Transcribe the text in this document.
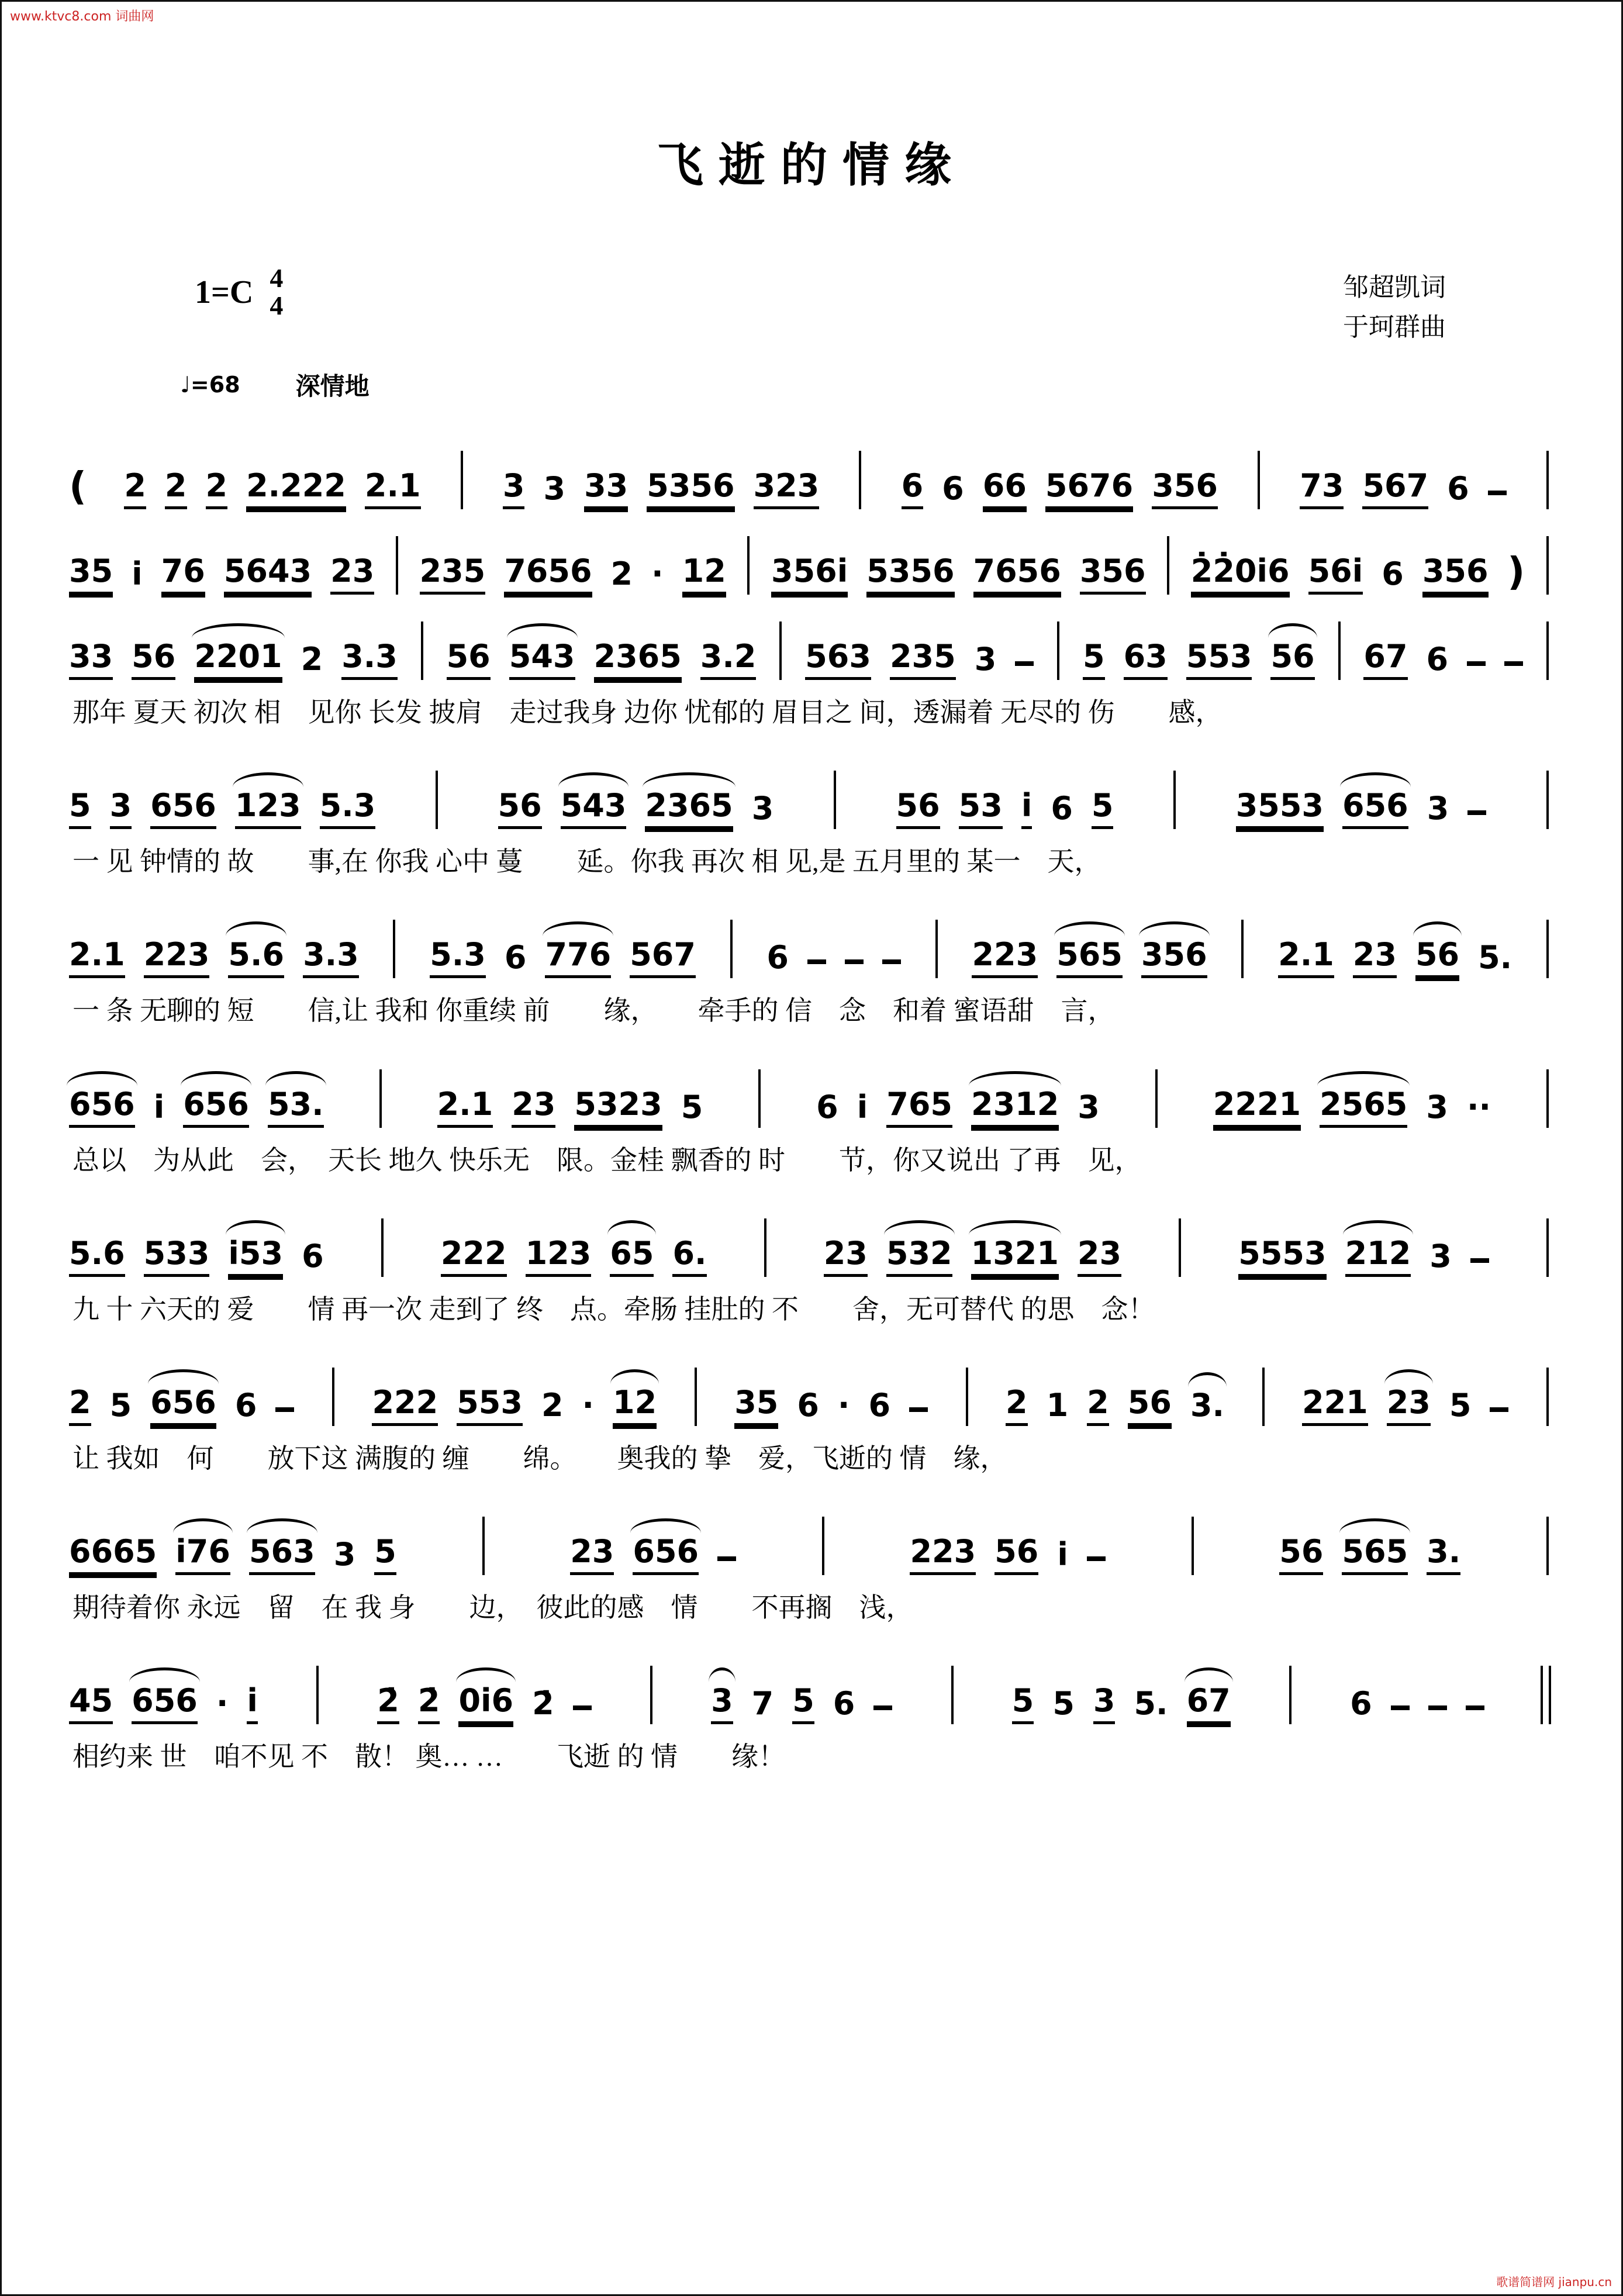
www.ktvc8.com 词曲网
飞逝的情缘
1=C 4
4
邹超凯词
于珂群曲
♩=68 深情地
( 2 2 2 2.222 2.1	3 3 33 5356 323	6 6 66 5676 356	73 567 6
35 i 76 5643 23 235 7656 2 · 12 356i 5356 7656 356 2̇2̇0i6 56i 6 356 )
33 56 2201 2 3.3 56 543 2365 3.2 563 235 3	5 63 553 56 67 6
那年 夏天 初次 相　见你 长发 披肩　走过我身 边你 忧郁的 眉目之 间，透漏着 无尽的 伤　　感，
5 3 656 123 5.3	56 543 2365 3	56 53 i 6 5	3553 656 3
一 见 钟情的 故　　事,在 你我 心中 蔓　　延。你我 再次 相 见,是 五月里的 某一　天，
2.1 223 5.6 3.3 5.3 6 776 567 6	223 565 356 2.1 23 56 5.
一 条 无聊的 短　　信,让 我和 你重续 前　　缘，　　牵手的 信　念　和着 蜜语甜　言，
656 i 656 53.	2.1 23 5323 5	6 i 765 2312 3	2221 2565 3 ··
总以　为从此　会，　天长 地久 快乐无　限。金桂 飘香的 时　　节，你又说出 了再　见，
5.6 533 i53 6	222 123 65 6.	23 532 1321 23	5553 212 3
九 十 六天的 爱　　情 再一次 走到了 终　点。牵肠 挂肚的 不　　舍，无可替代 的思　念！
2 5 656 6	222 553 2 · 12 35 6 · 6	2 1 2 56 3. 221 23 5
让 我如　何　　放下这 满腹的 缠　　绵。　　奥我的 挚　爱，飞逝的 情　缘，
6665 i76 563 3 5	23 656	223 56 i	56 565 3.
期待着你 永远　留　在 我 身　　边，　彼此的感　情　　不再搁　浅，
45 656 · i	2̇ 2̇ 0i6 2̇	3 7 5 6	5 5 3 5. 67	6
相约来 世　咱不见 不　散！ 奥… …　　飞逝 的 情　　缘！
歌谱简谱网 jianpu.cn
